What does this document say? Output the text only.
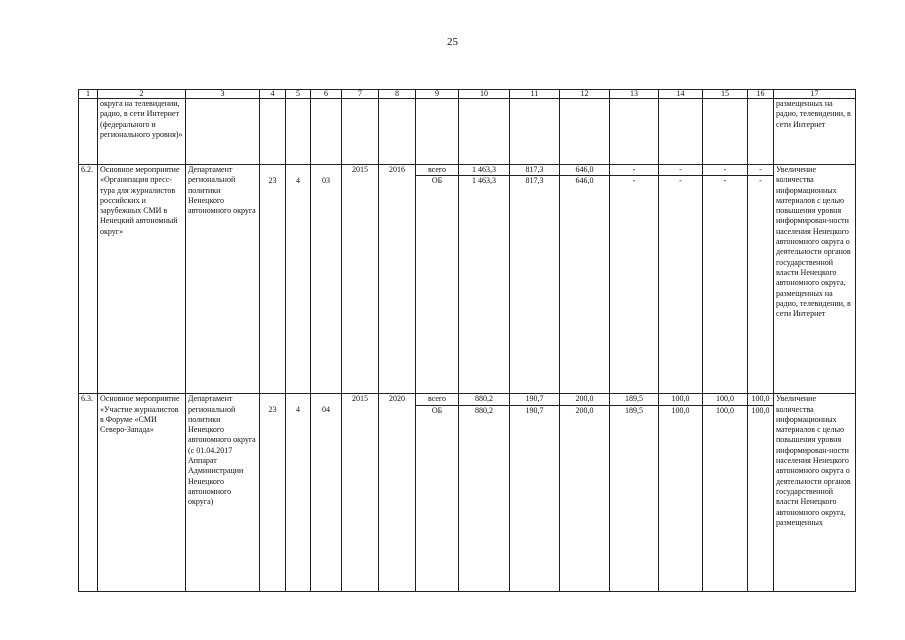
25
1	2	3	4	5	6	7	8	9	10	11	12	13	14	15	16	17
	округа на телевидении, радио, в сети Интернет (федерального и регионального уровня)»															размещенных на радио, телевидении, в сети Интернет
6.2.	Основное мероприятие «Организация пресс-тура для журналистов российских и зарубежных СМИ в Ненецкий автономный округ»	Департамент региональной политики Ненецкого автономного округа				2015	2016	всего	1 463,3	817,3	646,0	-	-	-	-	Увеличение количества информационных материалов с целью повышения уровня информирован-ности населения Ненецкого автономного округа о деятельности органов государственной власти Ненецкого автономного округа, размещенных на радио, телевидении, в сети Интернет
			23	4	03			ОБ	1 463,3	817,3	646,0	-	-	-	-	
6.3.	Основное мероприятие «Участие журналистов в Форуме «СМИ Северо-Запада»	Департамент региональной политики Ненецкого автономного округа (с 01.04.2017 Аппарат Администрации Ненецкого автономного округа)				2015	2020	всего	880,2	190,7	200,0	189,5	100,0	100,0	100,0	Увеличение количества информационных материалов с целью повышения уровня информирован-ности населения Ненецкого автономного округа о деятельности органов государственной власти Ненецкого автономного округа, размещенных
			23	4	04			ОБ	880,2	190,7	200,0	189,5	100,0	100,0	100,0	
